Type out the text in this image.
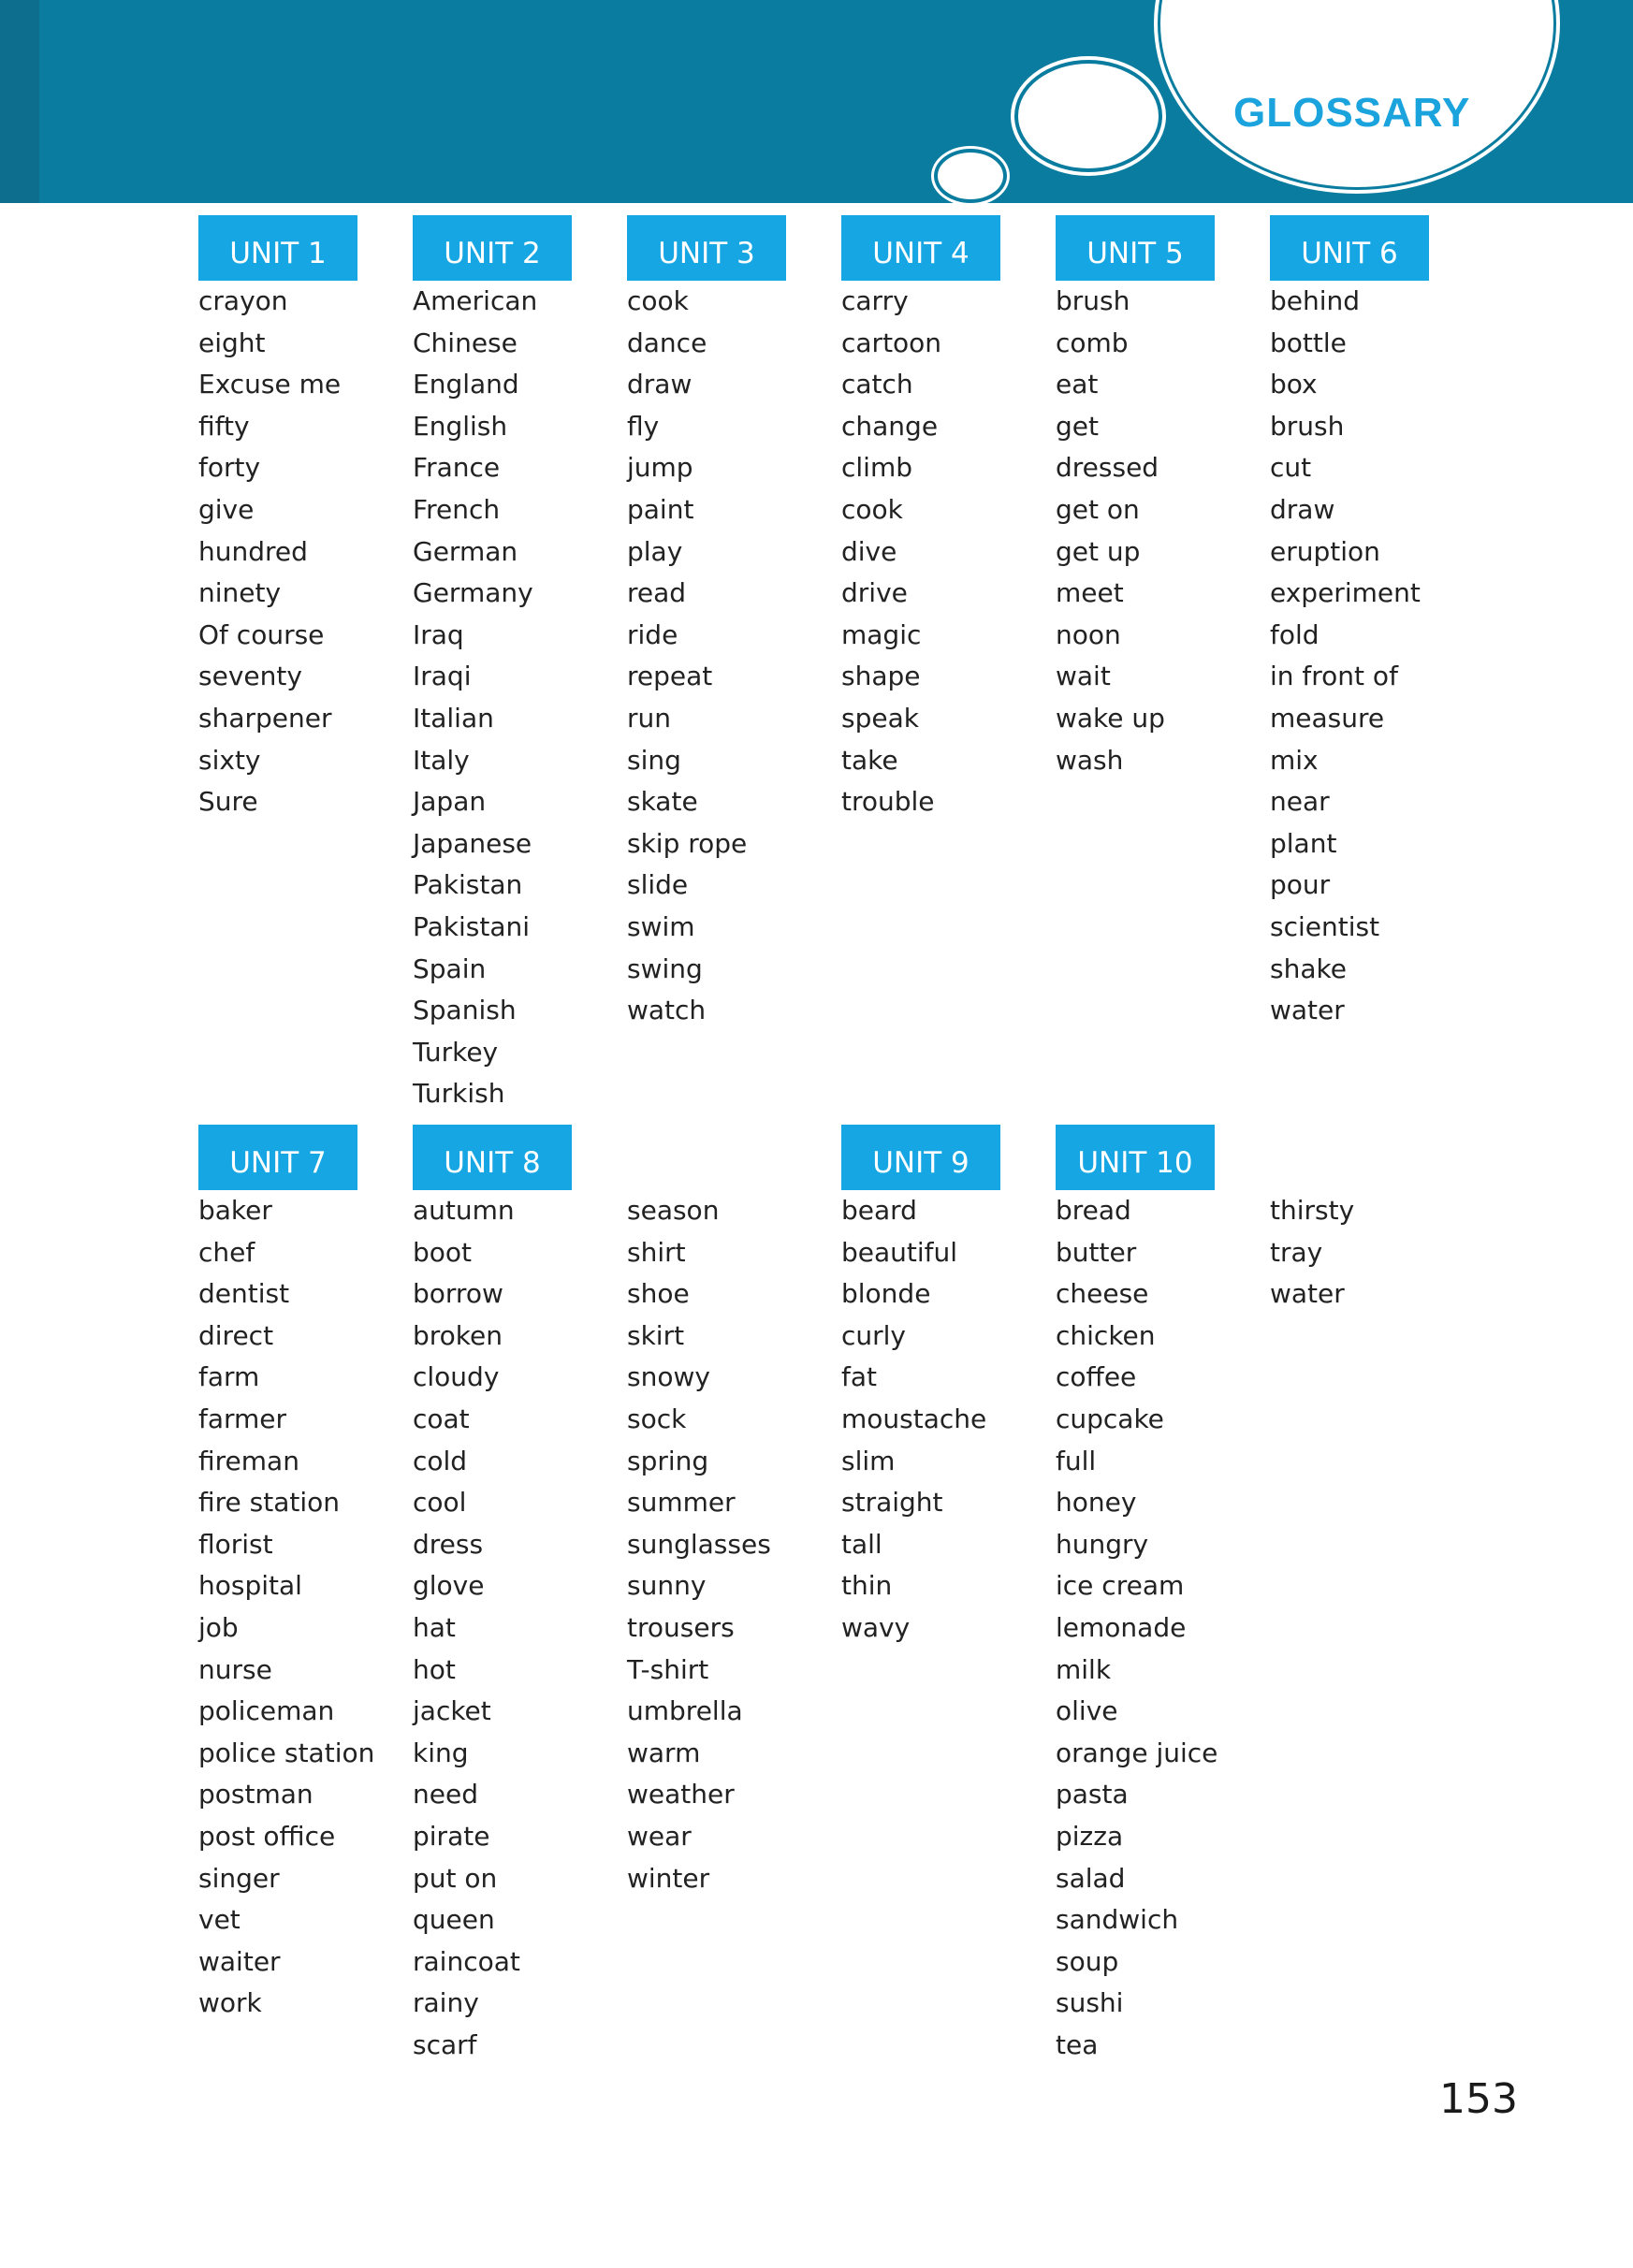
GLOSSARY
UNIT 1
crayon
eight
Excuse me
fifty
forty
give
hundred
ninety
Of course
seventy
sharpener
sixty
Sure
UNIT 2
American
Chinese
England
English
France
French
German
Germany
Iraq
Iraqi
Italian
Italy
Japan
Japanese
Pakistan
Pakistani
Spain
Spanish
Turkey
Turkish
UNIT 3
cook
dance
draw
fly
jump
paint
play
read
ride
repeat
run
sing
skate
skip rope
slide
swim
swing
watch
UNIT 4
carry
cartoon
catch
change
climb
cook
dive
drive
magic
shape
speak
take
trouble
UNIT 5
brush
comb
eat
get
dressed
get on
get up
meet
noon
wait
wake up
wash
UNIT 6
behind
bottle
box
brush
cut
draw
eruption
experiment
fold
in front of
measure
mix
near
plant
pour
scientist
shake
water
UNIT 7
baker
chef
dentist
direct
farm
farmer
fireman
fire station
florist
hospital
job
nurse
policeman
police station
postman
post office
singer
vet
waiter
work
UNIT 8
autumn
boot
borrow
broken
cloudy
coat
cold
cool
dress
glove
hat
hot
jacket
king
need
pirate
put on
queen
raincoat
rainy
scarf
season
shirt
shoe
skirt
snowy
sock
spring
summer
sunglasses
sunny
trousers
T-shirt
umbrella
warm
weather
wear
winter
UNIT 9
beard
beautiful
blonde
curly
fat
moustache
slim
straight
tall
thin
wavy
UNIT 10
bread
butter
cheese
chicken
coffee
cupcake
full
honey
hungry
ice cream
lemonade
milk
olive
orange juice
pasta
pizza
salad
sandwich
soup
sushi
tea
thirsty
tray
water
153
